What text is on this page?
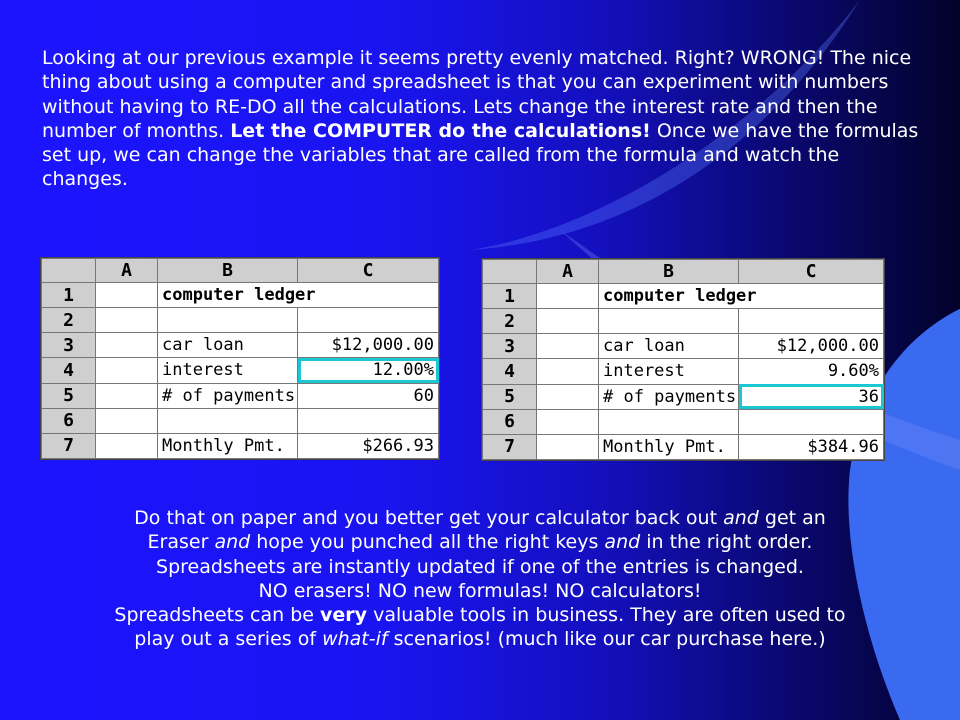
Looking at our previous example it seems pretty evenly matched. Right? WRONG! The nice thing about using a computer and spreadsheet is that you can experiment with numbers without having to RE-DO all the calculations. Lets change the interest rate and then the number of months. Let the COMPUTER do the calculations! Once we have the formulas set up, we can change the variables that are called from the formula and watch the changes.

	A	B	C
1		computer ledger	
2			
3		car loan	$12,000.00
4		interest	12.00%
5		# of payments	60
6			
7		Monthly Pmt.	$266.93
	A	B	C
1		computer ledger	
2			
3		car loan	$12,000.00
4		interest	9.60%
5		# of payments	36
6			
7		Monthly Pmt.	$384.96

Do that on paper and you better get your calculator back out and get an

Eraser and hope you punched all the right keys and in the right order.

Spreadsheets are instantly updated if one of the entries is changed.

NO erasers! NO new formulas! NO calculators!

Spreadsheets can be very valuable tools in business. They are often used to

play out a series of what-if scenarios! (much like our car purchase here.)
